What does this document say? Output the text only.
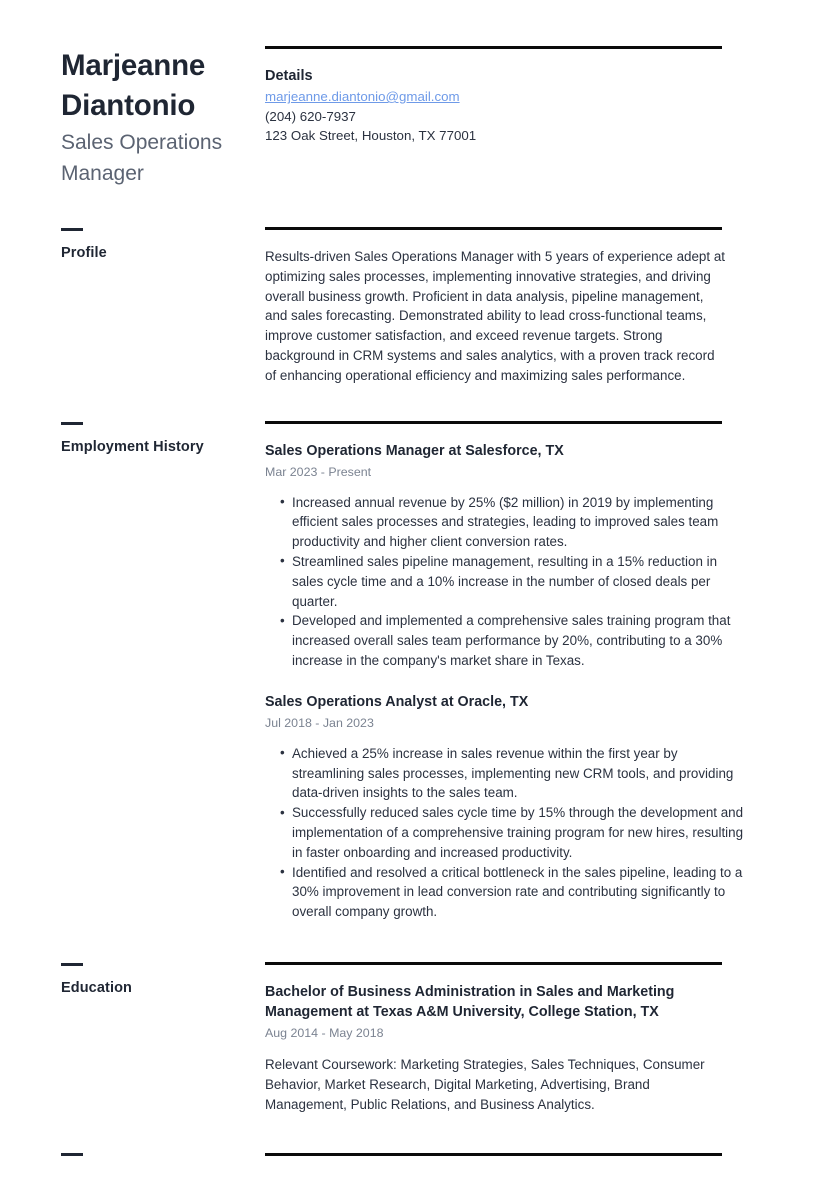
Marjeanne Diantonio
Sales Operations Manager
Details
marjeanne.diantonio@gmail.com
(204) 620-7937
123 Oak Street, Houston, TX 77001
Profile	Results-driven Sales Operations Manager with 5 years of experience adept at optimizing sales processes, implementing innovative strategies, and driving overall business growth. Proficient in data analysis, pipeline management, and sales forecasting. Demonstrated ability to lead cross-functional teams, improve customer satisfaction, and exceed revenue targets. Strong background in CRM systems and sales analytics, with a proven track record of enhancing operational efficiency and maximizing sales performance.
Employment History	Sales Operations Manager at Salesforce, TX
Mar 2023 - Present
• Increased annual revenue by 25% ($2 million) in 2019 by implementing efficient sales processes and strategies, leading to improved sales team productivity and higher client conversion rates.
• Streamlined sales pipeline management, resulting in a 15% reduction in sales cycle time and a 10% increase in the number of closed deals per quarter.
• Developed and implemented a comprehensive sales training program that increased overall sales team performance by 20%, contributing to a 30% increase in the company's market share in Texas.
Sales Operations Analyst at Oracle, TX
Jul 2018 - Jan 2023
• Achieved a 25% increase in sales revenue within the first year by streamlining sales processes, implementing new CRM tools, and providing data-driven insights to the sales team.
• Successfully reduced sales cycle time by 15% through the development and implementation of a comprehensive training program for new hires, resulting in faster onboarding and increased productivity.
• Identified and resolved a critical bottleneck in the sales pipeline, leading to a 30% improvement in lead conversion rate and contributing significantly to overall company growth.
Education	Bachelor of Business Administration in Sales and Marketing Management at Texas A&M University, College Station, TX
Aug 2014 - May 2018
Relevant Coursework: Marketing Strategies, Sales Techniques, Consumer Behavior, Market Research, Digital Marketing, Advertising, Brand Management, Public Relations, and Business Analytics.
